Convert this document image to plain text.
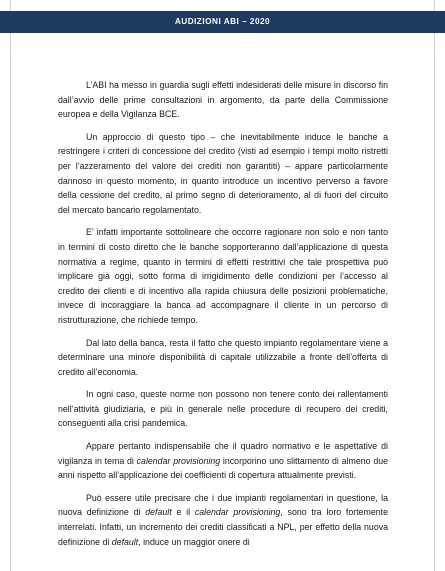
AUDIZIONI ABI – 2020

L’ABI ha messo in guardia sugli effetti indesiderati delle misure in discorso fin dall’avvio delle prime consultazioni in argomento, da parte della Commissione europea e della Vigilanza BCE.

Un approccio di questo tipo – che inevitabilmente induce le banche a restringere i criteri di concessione del credito (visti ad esempio i tempi molto ristretti per l’azzeramento del valore dei crediti non garantiti) – appare particolarmente dannoso in questo momento, in quanto introduce un incentivo perverso a favore della cessione del credito, al primo segno di deterioramento, al di fuori del circuito del mercato bancario regolamentato.

E’ infatti importante sottolineare che occorre ragionare non solo e non tanto in termini di costo diretto che le banche sopporteranno dall’applicazione di questa normativa a regime, quanto in termini di effetti restrittivi che tale prospettiva può implicare già oggi, sotto forma di irrigidimento delle condizioni per l’accesso al credito dei clienti e di incentivo alla rapida chiusura delle posizioni problematiche, invece di incoraggiare la banca ad accompagnare il cliente in un percorso di ristrutturazione, che richiede tempo.

Dal lato della banca, resta il fatto che questo impianto regolamentare viene a determinare una minore disponibilità di capitale utilizzabile a fronte dell’offerta di credito all’economia.

In ogni caso, queste norme non possono non tenere conto dei rallentamenti nell’attività giudiziaria, e più in generale nelle procedure di recupero dei crediti, conseguenti alla crisi pandemica.

Appare pertanto indispensabile che il quadro normativo e le aspettative di vigilanza in tema di calendar provisioning incorporino uno slittamento di almeno due anni rispetto all’applicazione dei coefficienti di copertura attualmente previsti.

Può essere utile precisare che i due impianti regolamentari in questione, la nuova definizione di default e il calendar provisioning, sono tra loro fortemente interrelati. Infatti, un incremento dei crediti classificati a NPL, per effetto della nuova definizione di default, induce un maggior onere di
